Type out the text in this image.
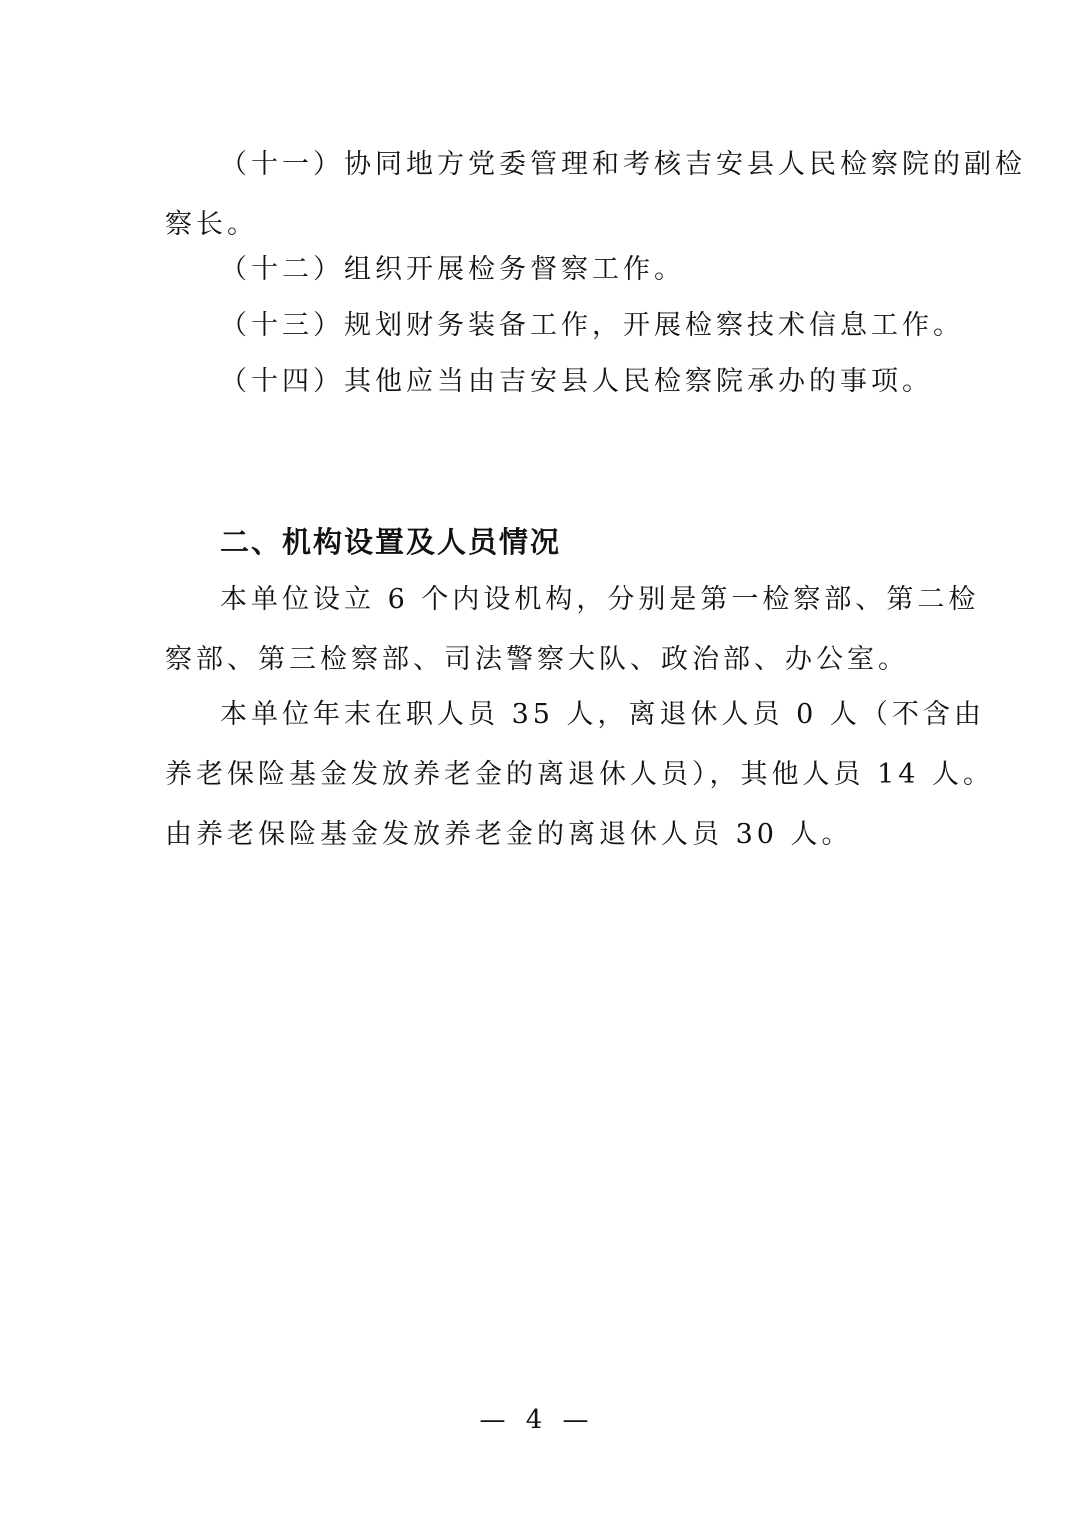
（十一）协同地方党委管理和考核吉安县人民检察院的副检
察长。
（十二）组织开展检务督察工作。
（十三）规划财务装备工作，开展检察技术信息工作。
（十四）其他应当由吉安县人民检察院承办的事项。
二、机构设置及人员情况
本单位设立 6 个内设机构，分别是第一检察部、第二检
察部、第三检察部、司法警察大队、政治部、办公室。
本单位年末在职人员 35 人，离退休人员 0 人（不含由
养老保险基金发放养老金的离退休人员），其他人员 14 人。
由养老保险基金发放养老金的离退休人员 30 人。
— 4 —
